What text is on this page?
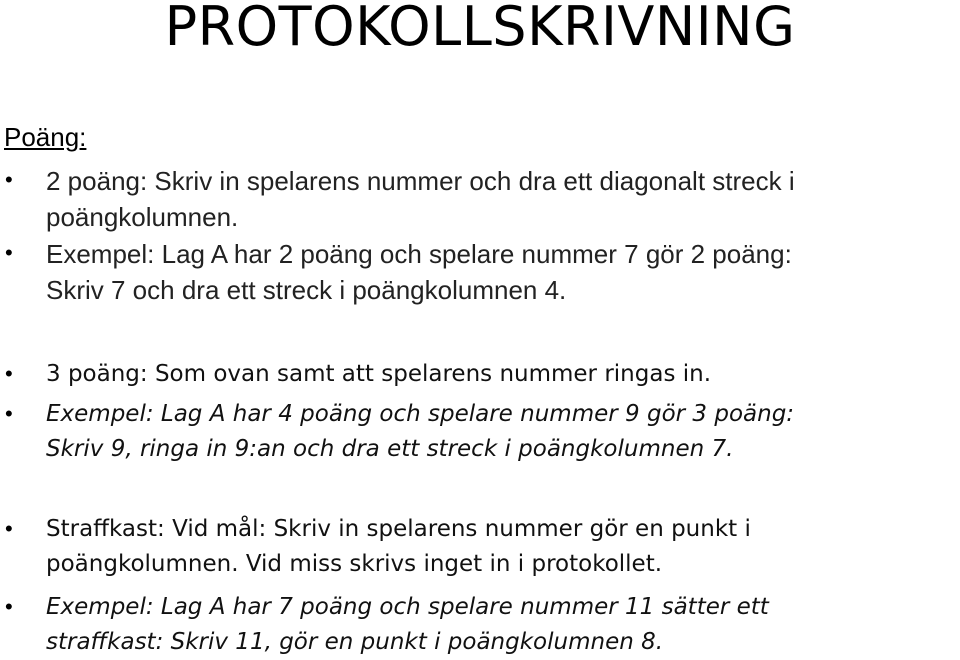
PROTOKOLLSKRIVNING
Poäng:
• 2 poäng: Skriv in spelarens nummer och dra ett diagonalt streck i
poängkolumnen.
• Exempel: Lag A har 2 poäng och spelare nummer 7 gör 2 poäng:
Skriv 7 och dra ett streck i poängkolumnen 4.
• 3 poäng: Som ovan samt att spelarens nummer ringas in.
• Exempel: Lag A har 4 poäng och spelare nummer 9 gör 3 poäng:
Skriv 9, ringa in 9:an och dra ett streck i poängkolumnen 7.
• Straffkast: Vid mål: Skriv in spelarens nummer gör en punkt i
poängkolumnen. Vid miss skrivs inget in i protokollet.
• Exempel: Lag A har 7 poäng och spelare nummer 11 sätter ett
straffkast: Skriv 11, gör en punkt i poängkolumnen 8.
